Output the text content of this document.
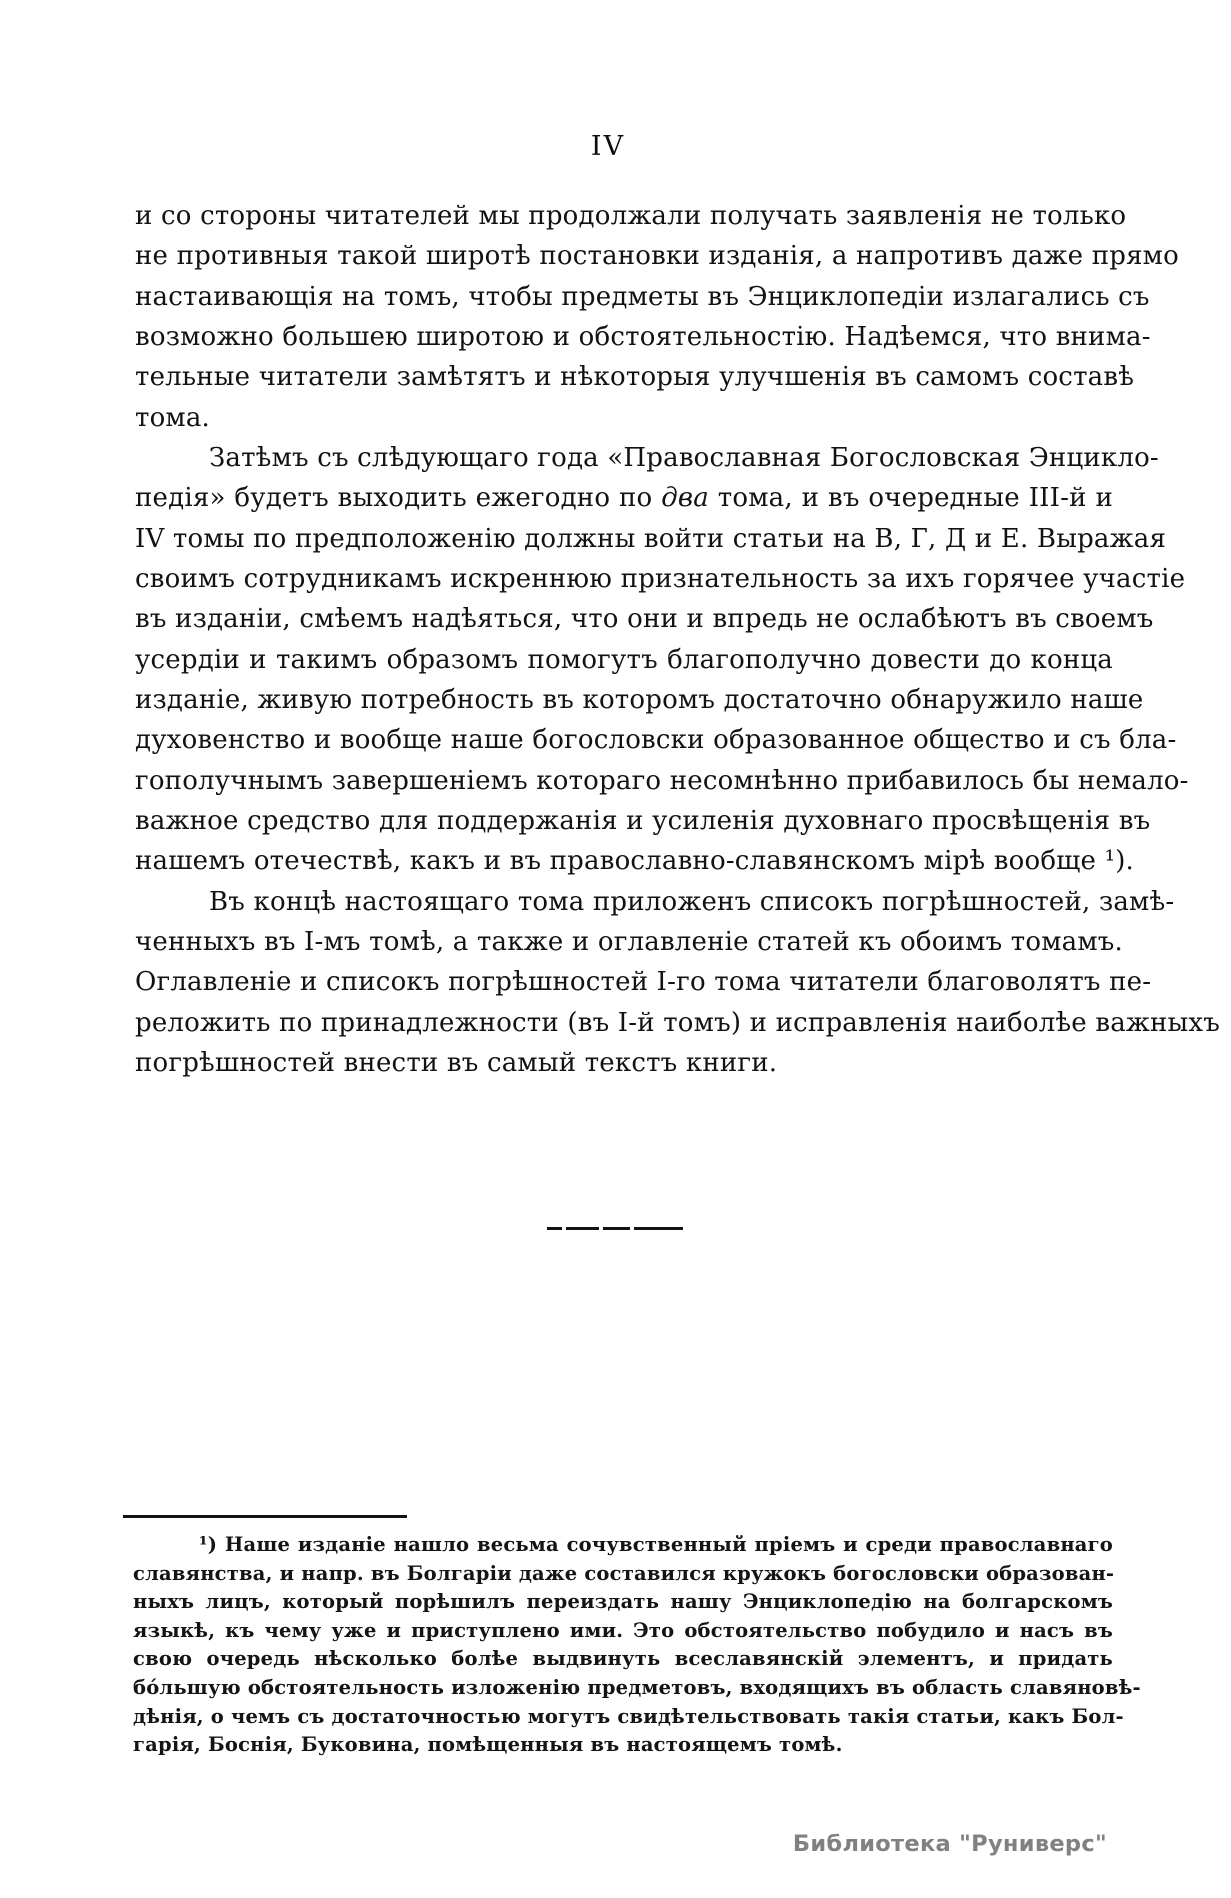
IV
и со стороны читателей мы продолжали получать заявленія не только
не противныя такой широтѣ постановки изданія, а напротивъ даже прямо
настаивающія на томъ, чтобы предметы въ Энциклопедіи излагались съ
возможно большею широтою и обстоятельностію. Надѣемся, что внима-
тельные читатели замѣтятъ и нѣкоторыя улучшенія въ самомъ составѣ
тома.
Затѣмъ съ слѣдующаго года «Православная Богословская Энцикло-
педія» будетъ выходить ежегодно по два тома, и въ очередные III-й и
IV томы по предположенію должны войти статьи на В, Г, Д и Е. Выражая
своимъ сотрудникамъ искреннюю признательность за ихъ горячее участіе
въ изданіи, смѣемъ надѣяться, что они и впредь не ослабѣютъ въ своемъ
усердіи и такимъ образомъ помогутъ благополучно довести до конца
изданіе, живую потребность въ которомъ достаточно обнаружило наше
духовенство и вообще наше богословски образованное общество и съ бла-
гополучнымъ завершеніемъ котораго несомнѣнно прибавилось бы немало-
важное средство для поддержанія и усиленія духовнаго просвѣщенія въ
нашемъ отечествѣ, какъ и въ православно-славянскомъ мірѣ вообще ¹).
Въ концѣ настоящаго тома приложенъ списокъ погрѣшностей, замѣ-
ченныхъ въ I-мъ томѣ, а также и оглавленіе статей къ обоимъ томамъ.
Оглавленіе и списокъ погрѣшностей I-го тома читатели благоволятъ пе-
реложить по принадлежности (въ I-й томъ) и исправленія наиболѣе важныхъ
погрѣшностей внести въ самый текстъ книги.
¹) Наше изданіе нашло весьма сочувственный пріемъ и среди православнаго
славянства, и напр. въ Болгаріи даже составился кружокъ богословски образован-
ныхъ лицъ, который порѣшилъ переиздать нашу Энциклопедію на болгарскомъ
языкѣ, къ чему уже и приступлено ими. Это обстоятельство побудило и насъ въ
свою очередь нѣсколько болѣе выдвинуть всеславянскій элементъ, и придать
бо́льшую обстоятельность изложенію предметовъ, входящихъ въ область славяновѣ-
дѣнія, о чемъ съ достаточностью могутъ свидѣтельствовать такія статьи, какъ Бол-
гарія, Боснія, Буковина, помѣщенныя въ настоящемъ томѣ.
Библиотека "Руниверс"
